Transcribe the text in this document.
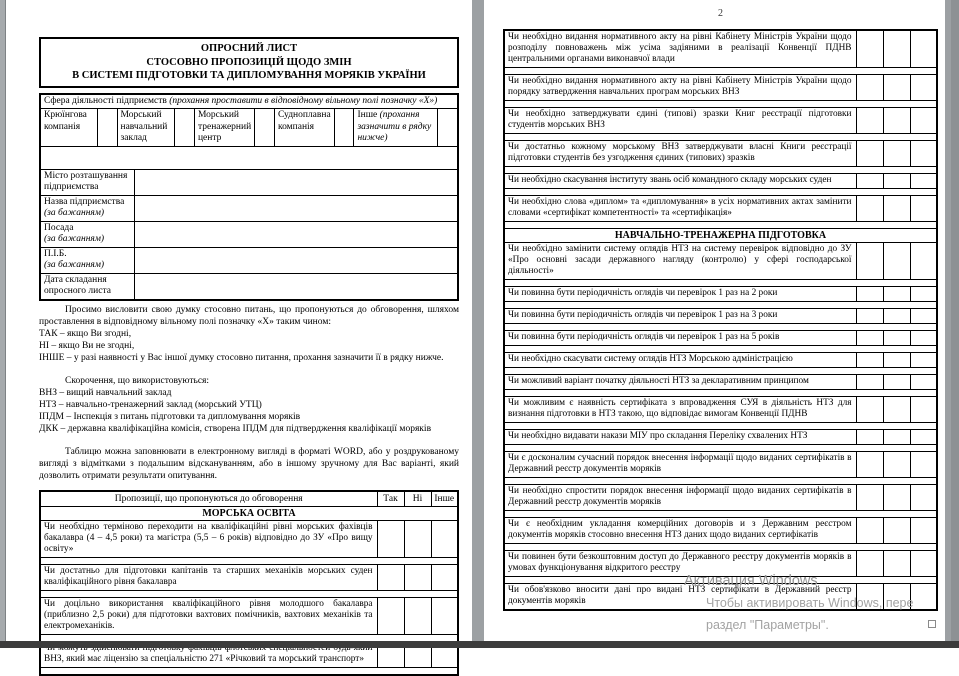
ОПРОСНИЙ ЛИСТ
СТОСОВНО ПРОПОЗИЦІЙ ЩОДО ЗМІН
В СИСТЕМІ ПІДГОТОВКИ ТА ДИПЛОМУВАННЯ МОРЯКІВ УКРАЇНИ
Сфера діяльності підприємств (прохання проставити в відповідному вільному полі позначку «Х»)
Крюїнгова компанія		Морський навчальний заклад		Морський тренажерний центр		Судноплавна компанія		Інше (прохання зазначити в рядку нижче)	
Місто розташування підприємства	

Назва підприємства
(за бажанням)	

Посада
(за бажанням)	

П.І.Б.
(за бажанням)	

Дата складання опросного листа	

Просимо висловити свою думку стосовно питань, що пропонуються до обговорення, шляхом проставлення в відповідному вільному полі позначку «Х» таким чином:
ТАК – якщо Ви згодні,
НІ – якщо Ви не згодні,
ІНШЕ – у разі наявності у Вас іншої думку стосовно питання, прохання зазначити її в рядку нижче.
Скорочення, що використовуються:
ВНЗ – вищий навчальний заклад
НТЗ – навчально-тренажерний заклад (морський УТЦ)
ІПДМ – Інспекція з питань підготовки та дипломування моряків
ДКК – державна кваліфікаційна комісія, створена ІПДМ для підтвердження кваліфікації моряків
Таблицю можна заповнювати в електронному вигляді в форматі WORD, або у роздрукованому вигляді з відмітками з подальшим відскануванням, або в іншому зручному для Вас варіанті, який дозволить отримати результати опитування.
Пропозиції, що пропонуються до обговорення	Так	Ні	Інше
МОРСЬКА ОСВІТА			
Чи необхідно терміново переходити на кваліфікаційні рівні морських фахівців бакалавра (4 – 4,5 роки) та магістра (5,5 – 6 років) відповідно до ЗУ «Про вищу освіту»			

Чи достатньо для підготовки капітанів та старших механіків морських суден кваліфікаційного рівня бакалавра			

Чи доцільно використання кваліфікаційного рівня молодшого бакалавра (приблизно 2,5 роки) для підготовки вахтових помічників, вахтових механіків та електромеханіків.			

ВНЗ, який має ліцензію за спеціальністю 271 «Річковий та морський транспорт»			

2
Чи необхідно видання нормативного акту на рівні Кабінету Міністрів України щодо розподілу повноважень між усіма задіяними в реалізації Конвенції ПДНВ центральними органами виконавчої влади			

Чи необхідно видання нормативного акту на рівні Кабінету Міністрів України щодо порядку затвердження навчальних програм морських ВНЗ			

Чи необхідно затверджувати єдині (типові) зразки Книг реєстрації підготовки студентів морських ВНЗ			

Чи достатньо кожному морському ВНЗ затверджувати власні Книги реєстрації підготовки студентів без узгодження єдиних (типових) зразків			

Чи необхідно скасування інституту звань осіб командного складу морських суден			

Чи необхідно слова «диплом» та «дипломування» в усіх нормативних актах замінити словами «сертифікат компетентності» та «сертифікація»			

НАВЧАЛЬНО-ТРЕНАЖЕРНА ПІДГОТОВКА			
Чи необхідно замінити систему оглядів НТЗ на систему перевірок відповідно до ЗУ «Про основні засади державного нагляду (контролю) у сфері господарської діяльності»			

Чи повинна бути періодичність оглядів чи перевірок 1 раз на 2 роки			

Чи повинна бути періодичність оглядів чи перевірок 1 раз на 3 роки			

Чи повинна бути періодичність оглядів чи перевірок 1 раз на 5 років			

Чи необхідно скасувати систему оглядів НТЗ Морською адміністрацією			

Чи можливий варіант початку діяльності НТЗ за декларативним принципом			

Чи можливим є наявність сертифіката з впровадження СУЯ в діяльність НТЗ для визнання підготовки в НТЗ такою, що відповідає вимогам Конвенції ПДНВ			

Чи необхідно видавати накази МІУ про складання Переліку схвалених НТЗ			

Чи є досконалим сучасний порядок внесення інформації щодо виданих сертифікатів в Державний реєстр документів моряків			

Чи необхідно спростити порядок внесення інформації щодо виданих сертифікатів в Державний реєстр документів моряків			

Чи є необхідним укладання комерційних договорів и з Державним реєстром документів моряків стосовно внесення НТЗ даних щодо виданих сертифікатів			

Чи повинен бути безкоштовним доступ до Державного реєстру документів моряків в умовах функціонування відкритого реєстру			

Чи обов'язково вносити дані про видані НТЗ сертифікати в Державний реєстр документів моряків			
Активация Windows
Чтобы активировать Windows, пере
раздел "Параметры".
